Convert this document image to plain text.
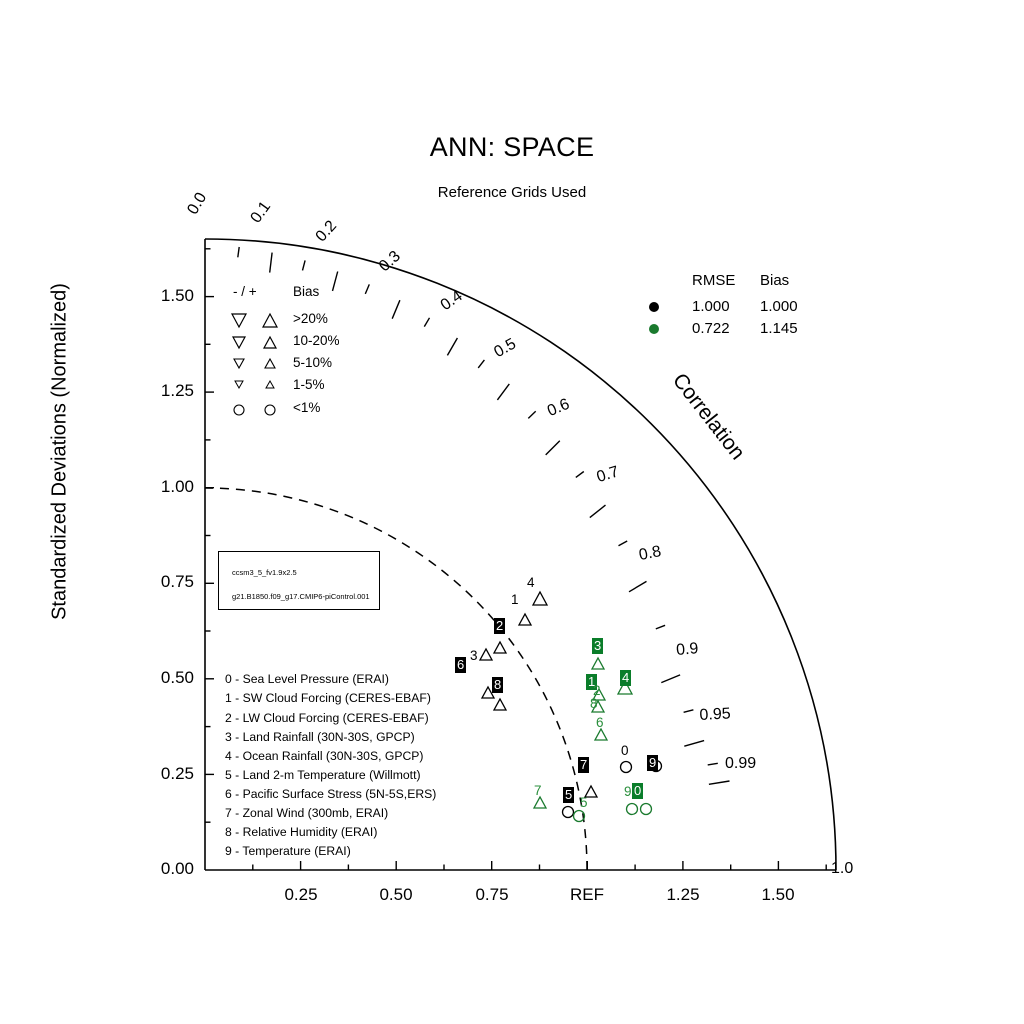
ANN: SPACE
Reference Grids Used
Standardized Deviations (Normalized)
0.25	0.50	0.75	REF	1.25	1.50
0.00
0.25
0.50
0.75
1.00
1.25
1.50
0.0 0.1
0.2
0.3
0.4
0.5
0.6
0.7
0.8
0.9
0.95
0.99
1.0
Correlation
- / +	Bias
>20%
10-20%
5-10%
1-5%
<1%
RMSE Bias
1.000 1.000
0.722 1.145
ccsm3_5_fv1.9x2.5
g21.B1850.f09_g17.CMIP6-piControl.001
0 - Sea Level Pressure (ERAI)
1 - SW Cloud Forcing (CERES-EBAF)
2 - LW Cloud Forcing (CERES-EBAF)
3 - Land Rainfall (30N-30S, GPCP)
4 - Ocean Rainfall (30N-30S, GPCP)
5 - Land 2-m Temperature (Willmott)
6 - Pacific Surface Stress (5N-5S,ERS)
7 - Zonal Wind (300mb, ERAI)
8 - Relative Humidity (ERAI)
9 - Temperature (ERAI)
4
1
2
3
6
8
7
0
9
5
3
4
1
2
8
6
7
5
0
9
